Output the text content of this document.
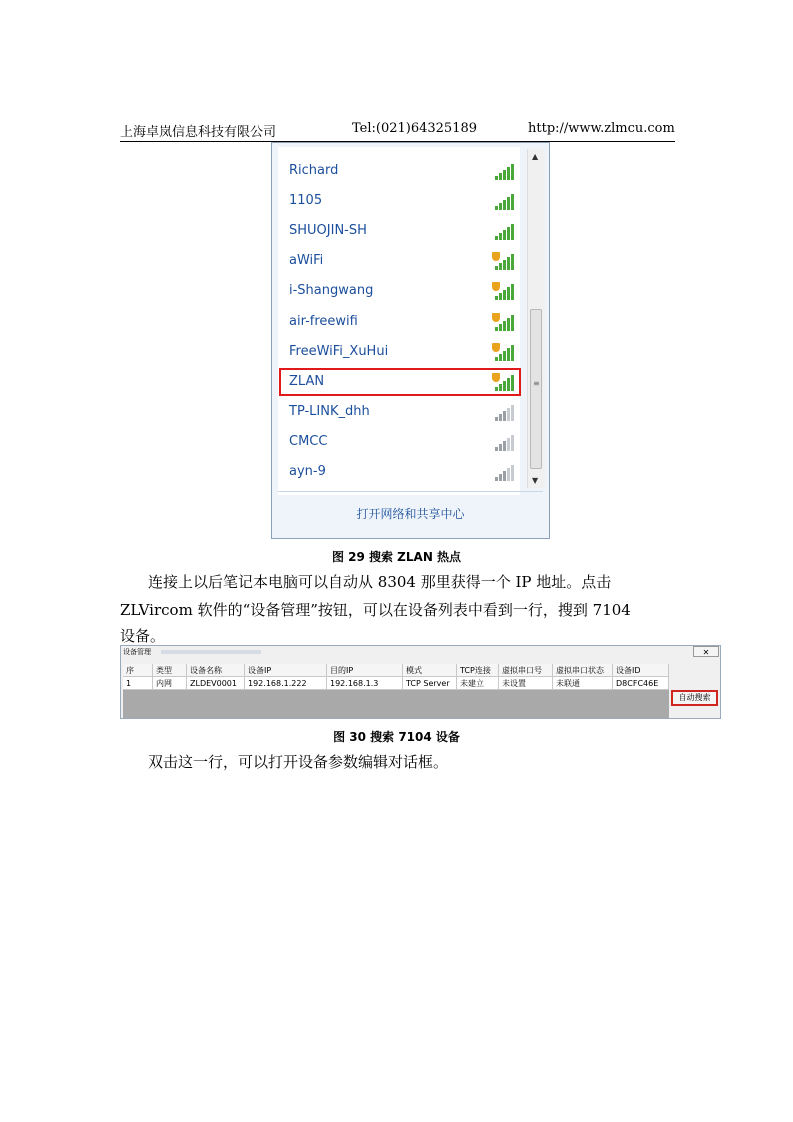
上海卓岚信息科技有限公司	Tel:(021)64325189	http://www.zlmcu.com
打开网络和共享中心
Richard
1105
SHUOJIN-SH
aWiFi
i-Shangwang
air-freewifi
FreeWiFi_XuHui
ZLAN
TP-LINK_dhh
CMCC
ayn-9
▲
≡
▼
图 29 搜索 ZLAN 热点
连接上以后笔记本电脑可以自动从 8304 那里获得一个 IP 地址。点击
ZLVircom 软件的“设备管理”按钮，可以在设备列表中看到一行，搜到 7104
设备。
设备管理	✕
序	类型	设备名称	设备IP	目的IP	模式	TCP连接	虚拟串口号	虚拟串口状态	设备ID
1	内网	ZLDEV0001	192.168.1.222	192.168.1.3	TCP Server	未建立	未设置	未联通	D8CFC46E
自动搜索
图 30 搜索 7104 设备
双击这一行，可以打开设备参数编辑对话框。
